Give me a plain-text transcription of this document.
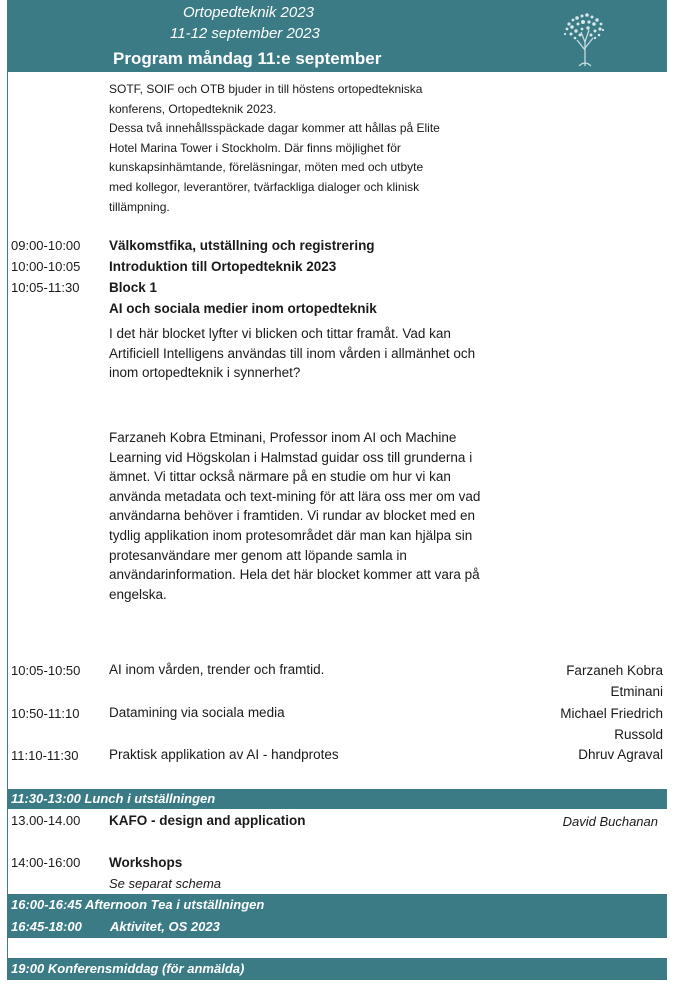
Ortopedteknik 2023
11-12 september 2023
Program måndag 11:e september
SOTF, SOIF och OTB bjuder in till höstens ortopedtekniska
konferens, Ortopedteknik 2023.
Dessa två innehållsspäckade dagar kommer att hållas på Elite
Hotel Marina Tower i Stockholm. Där finns möjlighet för
kunskapsinhämtande, föreläsningar, möten med och utbyte
med kollegor, leverantörer, tvärfackliga dialoger och klinisk
tillämpning.
09:00-10:00 Välkomstfika, utställning och registrering
10:00-10:05 Introduktion till Ortopedteknik 2023
10:05-11:30 Block 1
AI och sociala medier inom ortopedteknik
I det här blocket lyfter vi blicken och tittar framåt. Vad kan Artificiell Intelligens användas till inom vården i allmänhet och inom ortopedteknik i synnerhet?
Farzaneh Kobra Etminani, Professor inom AI och Machine Learning vid Högskolan i Halmstad guidar oss till grunderna i ämnet. Vi tittar också närmare på en studie om hur vi kan använda metadata och text-mining för att lära oss mer om vad användarna behöver i framtiden. Vi rundar av blocket med en tydlig applikation inom protesområdet där man kan hjälpa sin protesanvändare mer genom att löpande samla in användarinformation. Hela det här blocket kommer att vara på engelska.
10:05-10:50 AI inom vården, trender och framtid.	Farzaneh Kobra
Etminani
10:50-11:10 Datamining via sociala media	Michael Friedrich
Russold
11:10-11:30 Praktisk applikation av AI - handprotes	Dhruv Agraval
11:30-13:00 Lunch i utställningen
13.00-14.00 KAFO - design and application	David Buchanan
14:00-16:00 Workshops
Se separat schema
16:00-16:45 Afternoon Tea i utställningen
16:45-18:00 Aktivitet, OS 2023
19:00 Konferensmiddag (för anmälda)
